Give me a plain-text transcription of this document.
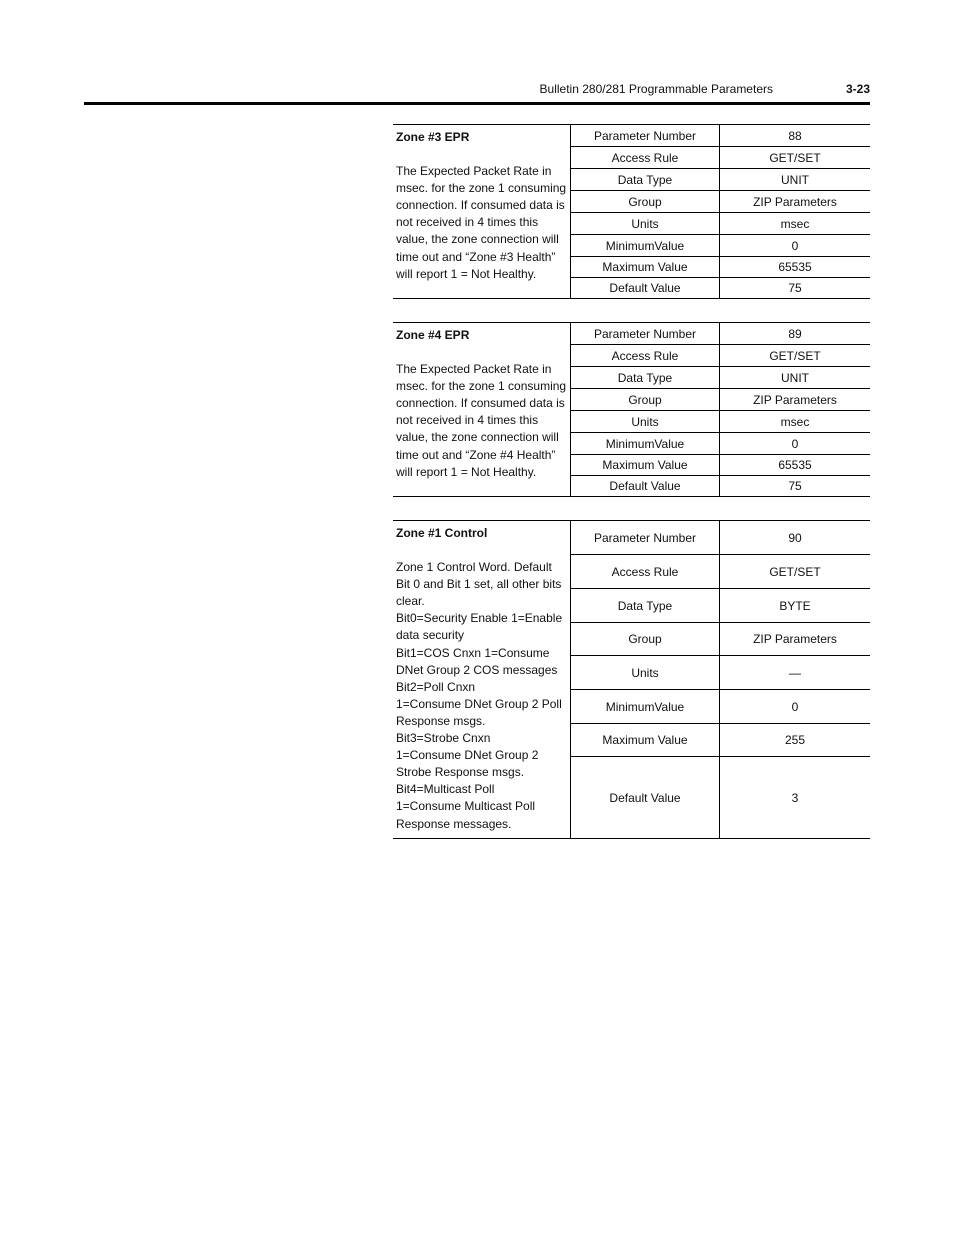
Bulletin 280/281 Programmable Parameters	3-23
Zone #3 EPR
The Expected Packet Rate in msec. for the zone 1 consuming connection. If consumed data is not received in 4 times this value, the zone connection will time out and “Zone #3 Health” will report 1 = Not Healthy.
Parameter Number	88
Access Rule	GET/SET
Data Type	UNIT
Group	ZIP Parameters
Units	msec
MinimumValue	0
Maximum Value	65535
Default Value	75
Zone #4 EPR
The Expected Packet Rate in msec. for the zone 1 consuming connection. If consumed data is not received in 4 times this value, the zone connection will time out and “Zone #4 Health” will report 1 = Not Healthy.
Parameter Number	89
Access Rule	GET/SET
Data Type	UNIT
Group	ZIP Parameters
Units	msec
MinimumValue	0
Maximum Value	65535
Default Value	75
Zone #1 Control
Zone 1 Control Word. Default
Bit 0 and Bit 1 set, all other bits
clear.
Bit0=Security Enable 1=Enable
data security
Bit1=COS Cnxn 1=Consume
DNet Group 2 COS messages
Bit2=Poll Cnxn
1=Consume DNet Group 2 Poll
Response msgs.
Bit3=Strobe Cnxn
1=Consume DNet Group 2
Strobe Response msgs.
Bit4=Multicast Poll
1=Consume Multicast Poll
Response messages.
Parameter Number	90
Access Rule	GET/SET
Data Type	BYTE
Group	ZIP Parameters
Units	—
MinimumValue	0
Maximum Value	255
Default Value	3
